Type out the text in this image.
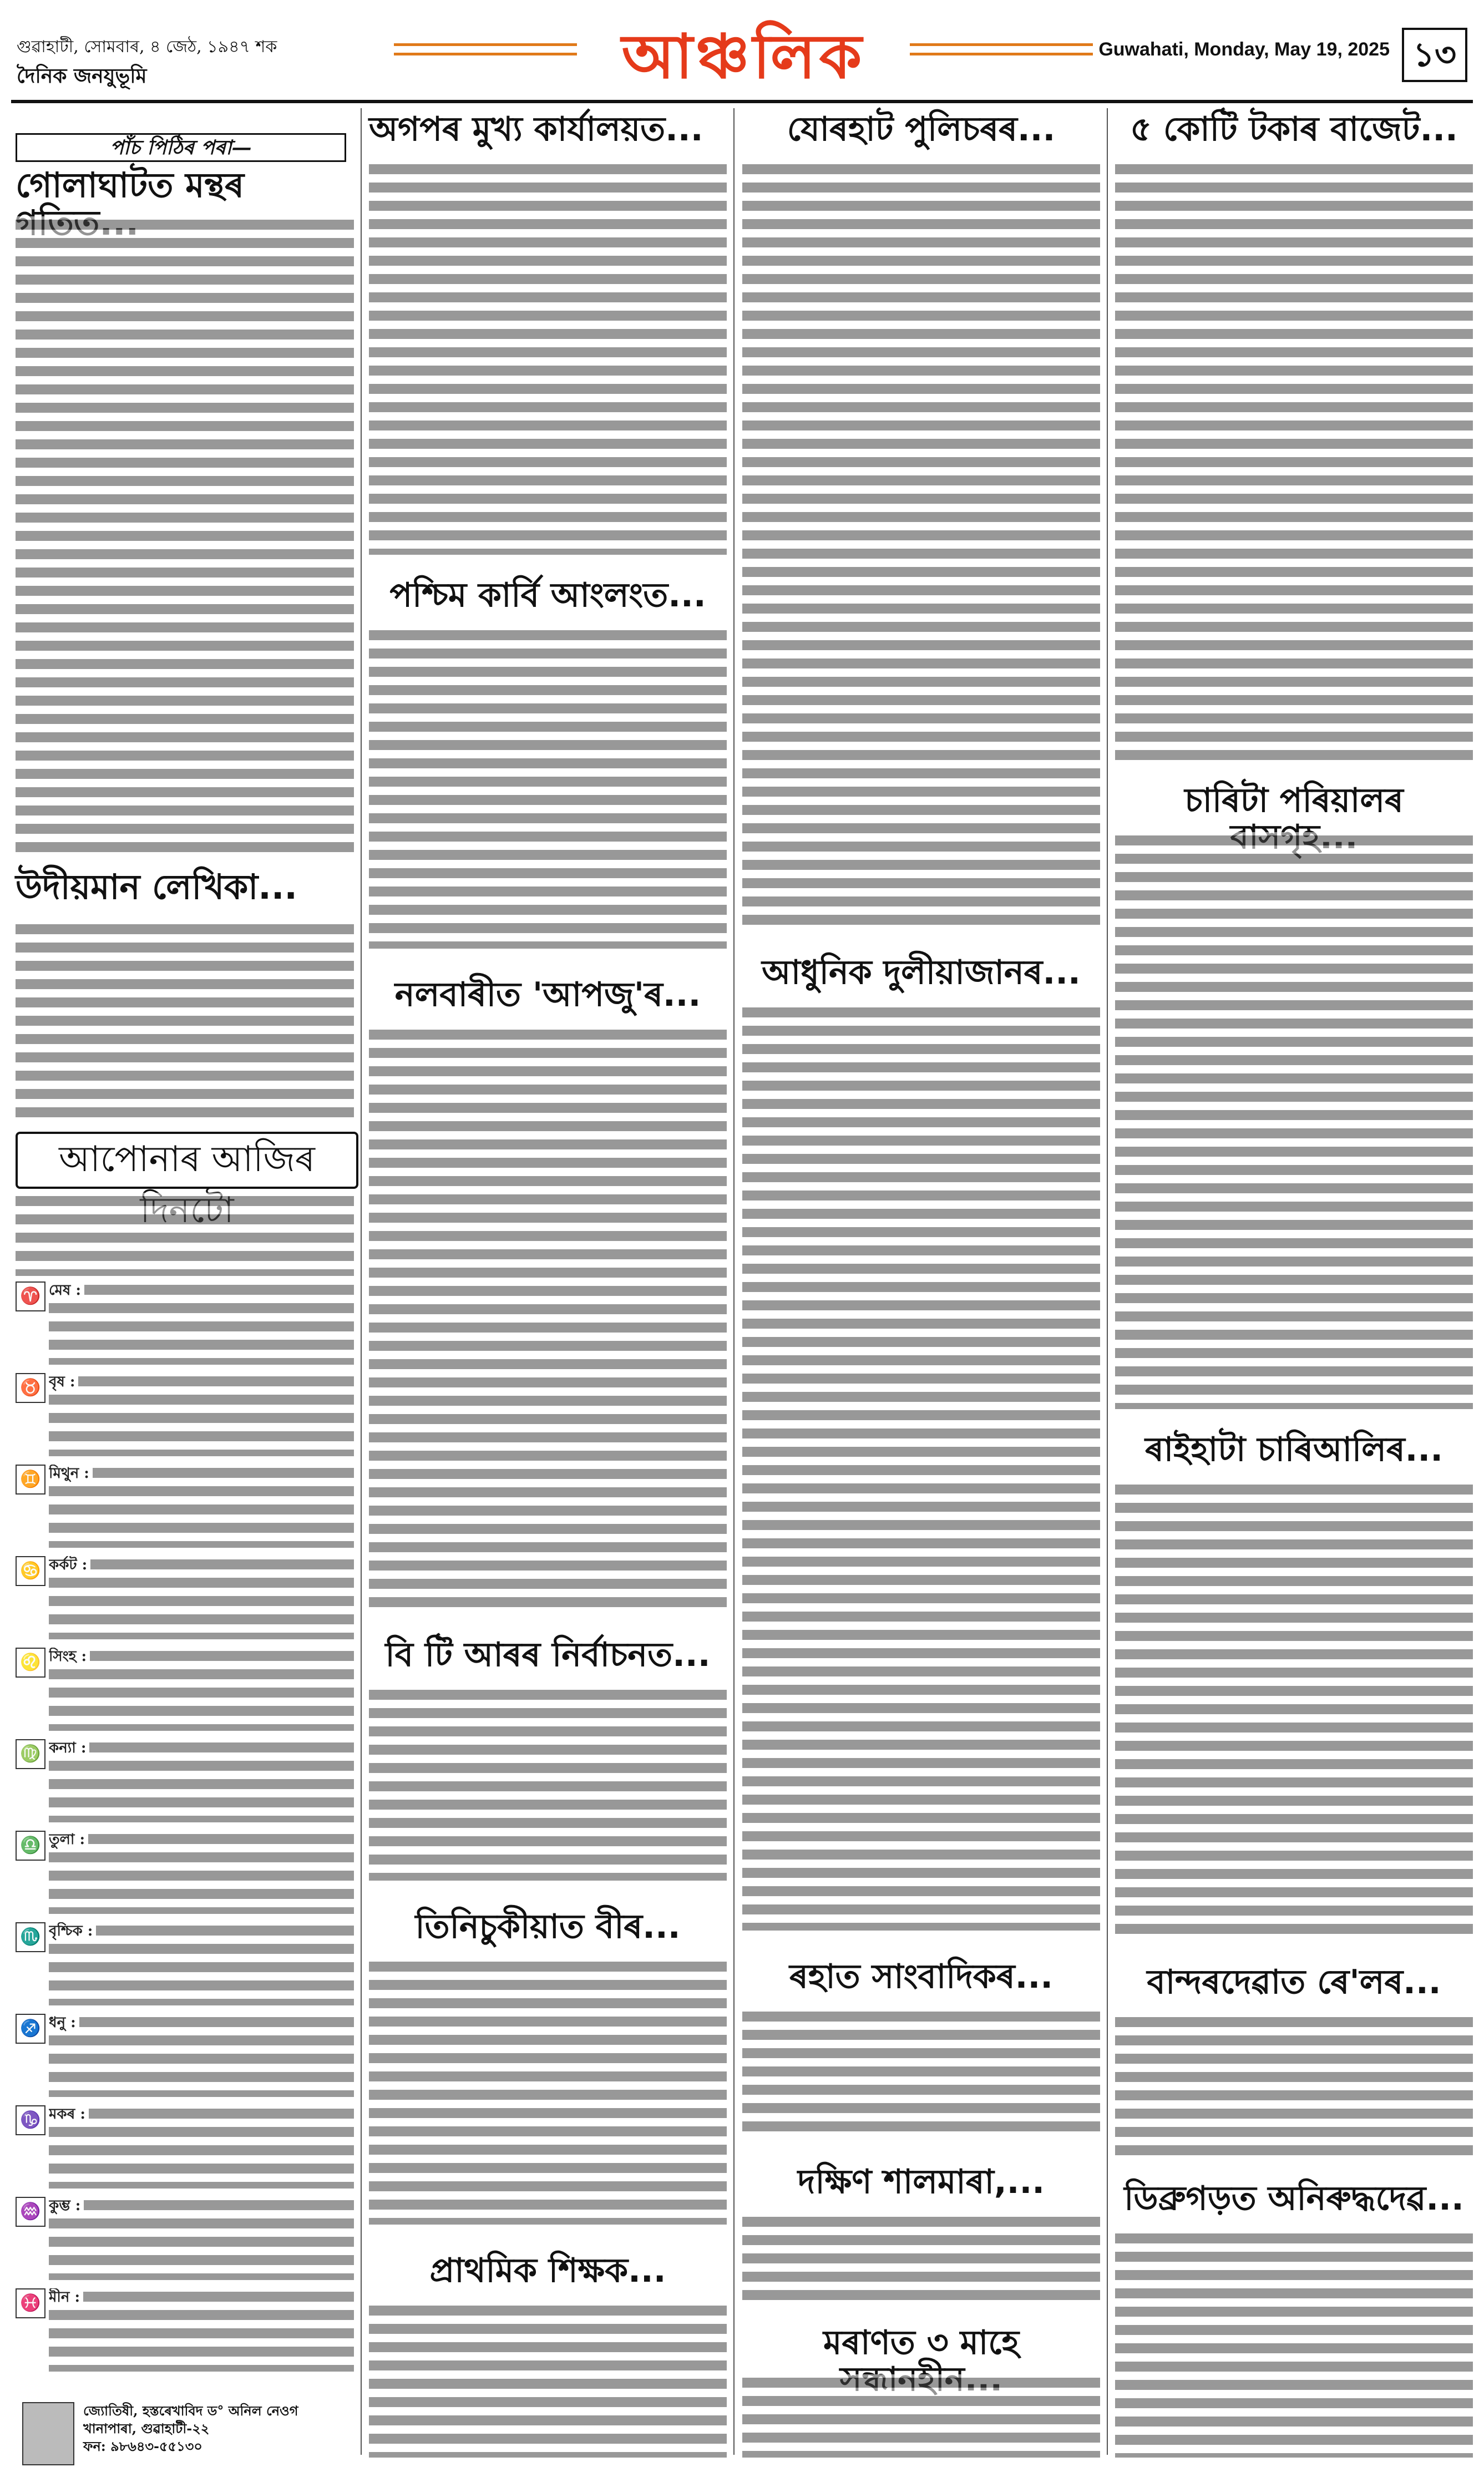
গুৱাহাটী, সোমবাৰ, ৪ জেঠ, ১৯৪৭ শক
দৈনিক জনযুভূমি	আঞ্চলিক	Guwahati, Monday, May 19, 2025 ১৩
পাঁচ পিঠিৰ পৰা—
গোলাঘাটত মন্থৰ
উদীয়মান লেখিকা...
আপোনাৰ আজিৰ
♈ মেষ :
♉ বৃষ :
♊ মিথুন :
♋ কৰ্কট :
♌ সিংহ :
♍ কন্যা :
♎ তুলা :
♏ বৃশ্চিক :
♐ ধনু :
♑ মকৰ :
♒ কুম্ভ :
♓ মীন :
জ্যোতিষী, হস্তৰেখাবিদ ড° অনিল নেওগ
খানাপাৰা, গুৱাহাটী-২২
ফন: ৯৮৬৪৩-৫৫১৩০
অগপৰ মুখ্য কাৰ্যালয়ত...
পশ্চিম কাৰ্বি আংলংত...
নলবাৰীত 'আপজু'ৰ...
বি টি আৰৰ নিৰ্বাচনত...
তিনিচুকীয়াত বীৰ...
প্ৰাথমিক শিক্ষক...
যোৰহাট পুলিচৰৰ...
আধুনিক দুলীয়াজানৰ...
ৰহাত সাংবাদিকৰ...
দক্ষিণ শালমাৰা,...
মৰাণত ৩ মাহে
৫ কোটি টকাৰ বাজেট...
চাৰিটা পৰিয়ালৰ
ৰাইহাটা চাৰিআলিৰ...
বান্দৰদেৱাত ৰে'লৰ...
ডিব্ৰুগড়ত অনিৰুদ্ধদেৱ...
